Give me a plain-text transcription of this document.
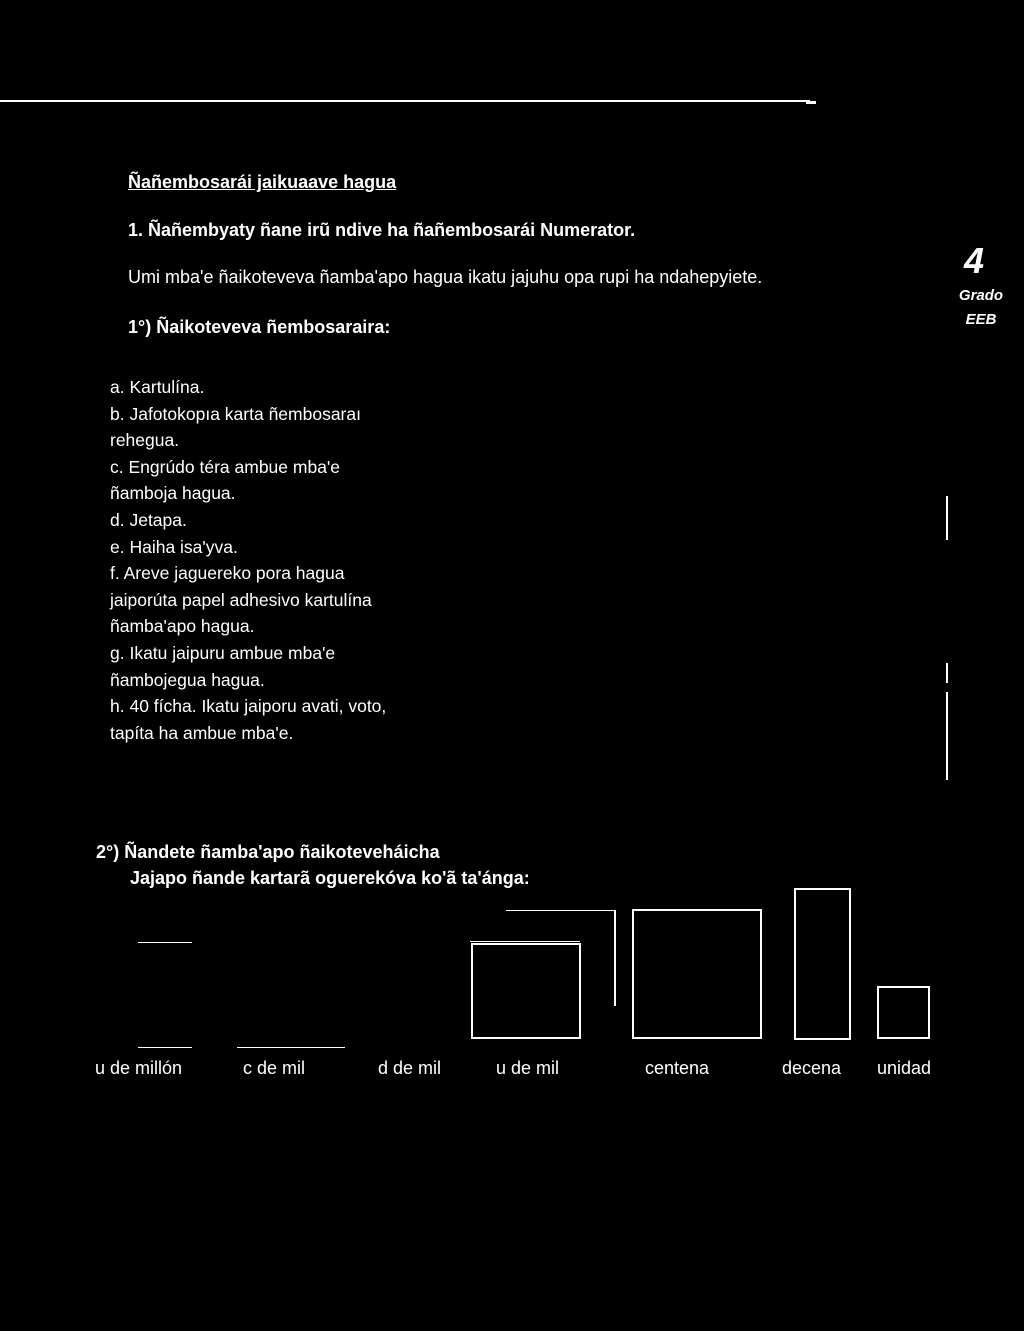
Ñañembosarái jaikuaave hagua
1. Ñañembyaty ñane irũ ndive ha ñañembosarái Numerator.
Umi mba'e ñaikoteveva ñamba'apo hagua ikatu jajuhu opa rupi ha ndahepyiete.
1°) Ñaikoteveva ñembosaraira:
4
Grado
EEB
a. Kartulína.
b. Jafotokopıa karta ñembosaraı
rehegua.
c. Engrúdo téra ambue mba'e
ñamboja hagua.
d. Jetapa.
e. Haiha isa'yva.
f. Areve jaguereko pora hagua
jaiporúta papel adhesivo kartulína
ñamba'apo hagua.
g. Ikatu jaipuru ambue mba'e
ñambojegua hagua.
h. 40 fícha. Ikatu jaiporu avati, voto,
tapíta ha ambue mba'e.
2°) Ñandete ñamba'apo ñaikoteveháicha
Jajapo ñande kartarã oguerekóva ko'ã ta'ánga:
u de millón	c de mil	d de mil	u de mil	centena	decena unidad
